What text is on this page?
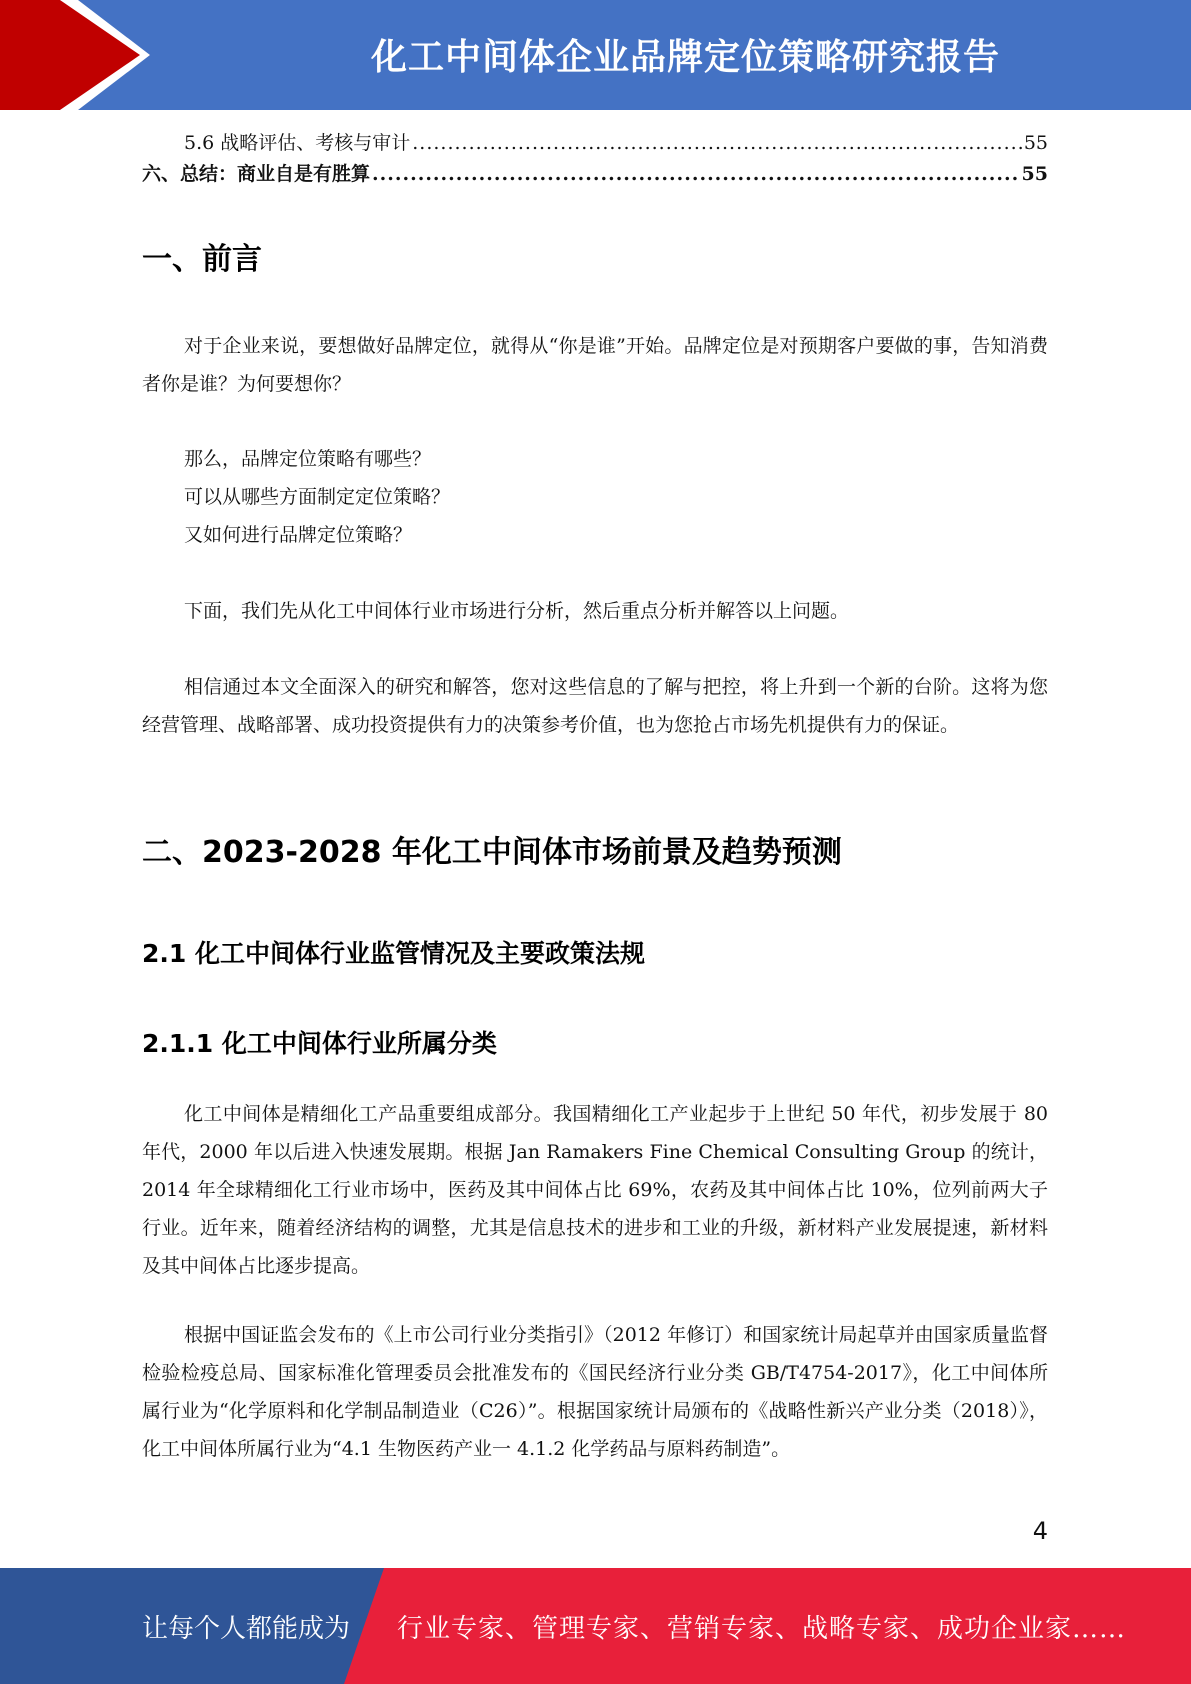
化工中间体企业品牌定位策略研究报告
5.6 战略评估、考核与审计 .....	55
六、总结：商业自是有胜算 .....	55
一、前言

对于企业来说，要想做好品牌定位，就得从“你是谁”开始。品牌定位是对预期客户要做的事，告知消费者你是谁？为何要想你？

那么，品牌定位策略有哪些？

可以从哪些方面制定定位策略？

又如何进行品牌定位策略？

下面，我们先从化工中间体行业市场进行分析，然后重点分析并解答以上问题。

相信通过本文全面深入的研究和解答，您对这些信息的了解与把控，将上升到一个新的台阶。这将为您经营管理、战略部署、成功投资提供有力的决策参考价值，也为您抢占市场先机提供有力的保证。

二、2023-2028 年化工中间体市场前景及趋势预测
2.1 化工中间体行业监管情况及主要政策法规
2.1.1 化工中间体行业所属分类

化工中间体是精细化工产品重要组成部分。我国精细化工产业起步于上世纪 50 年代，初步发展于 80 年代，2000 年以后进入快速发展期。根据 Jan Ramakers Fine Chemical Consulting Group 的统计，2014 年全球精细化工行业市场中，医药及其中间体占比 69%，农药及其中间体占比 10%，位列前两大子行业。近年来，随着经济结构的调整，尤其是信息技术的进步和工业的升级，新材料产业发展提速，新材料及其中间体占比逐步提高。

根据中国证监会发布的《上市公司行业分类指引》（2012 年修订）和国家统计局起草并由国家质量监督检验检疫总局、国家标准化管理委员会批准发布的《国民经济行业分类 GB/T4754-2017》，化工中间体所属行业为“化学原料和化学制品制造业（C26）”。根据国家统计局颁布的《战略性新兴产业分类（2018）》，化工中间体所属行业为“4.1 生物医药产业一 4.1.2 化学药品与原料药制造”。

4
让每个人都能成为 行业专家、管理专家、营销专家、战略专家、成功企业家……
